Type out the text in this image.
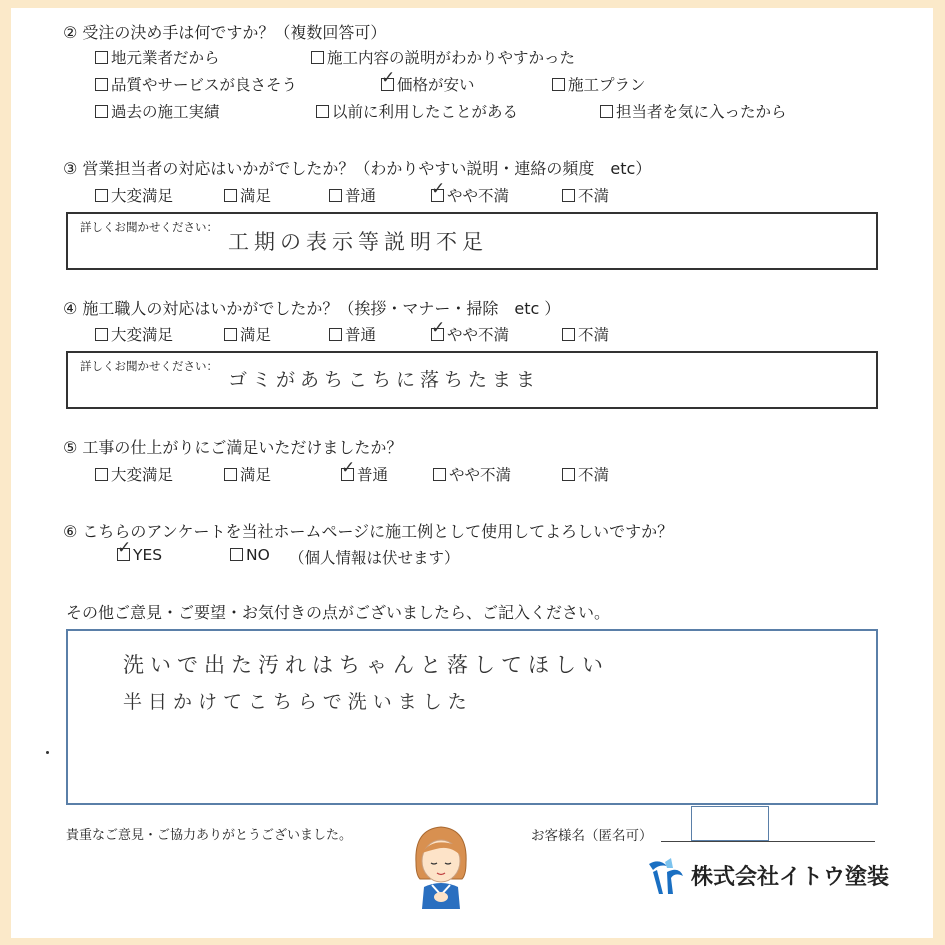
② 受注の決め手は何ですか？（複数回答可）
地元業者だから	施工内容の説明がわかりやすかった
品質やサービスが良さそう	✓ 価格が安い	施工プラン
過去の施工実績	以前に利用したことがある	担当者を気に入ったから
③ 営業担当者の対応はいかがでしたか？（わかりやすい説明・連絡の頻度　etc）
大変満足	満足	普通	✓ やや不満	不満
詳しくお聞かせください：
工期の表示等説明不足
④ 施工職人の対応はいかがでしたか？（挨拶・マナー・掃除　etc ）
大変満足	満足	普通	✓ やや不満	不満
詳しくお聞かせください：
ゴミがあちこちに落ちたまま
⑤ 工事の仕上がりにご満足いただけましたか？
大変満足	満足	✓ 普通	やや不満	不満
⑥ こちらのアンケートを当社ホームページに施工例として使用してよろしいですか？
✓ YES	NO （個人情報は伏せます）
その他ご意見・ご要望・お気付きの点がございましたら、ご記入ください。
洗いで出た汚れはちゃんと落してほしい
半日かけてこちらで洗いました
貴重なご意見・ご協力ありがとうございました。	お客様名（匿名可）
株式会社イトウ塗装
